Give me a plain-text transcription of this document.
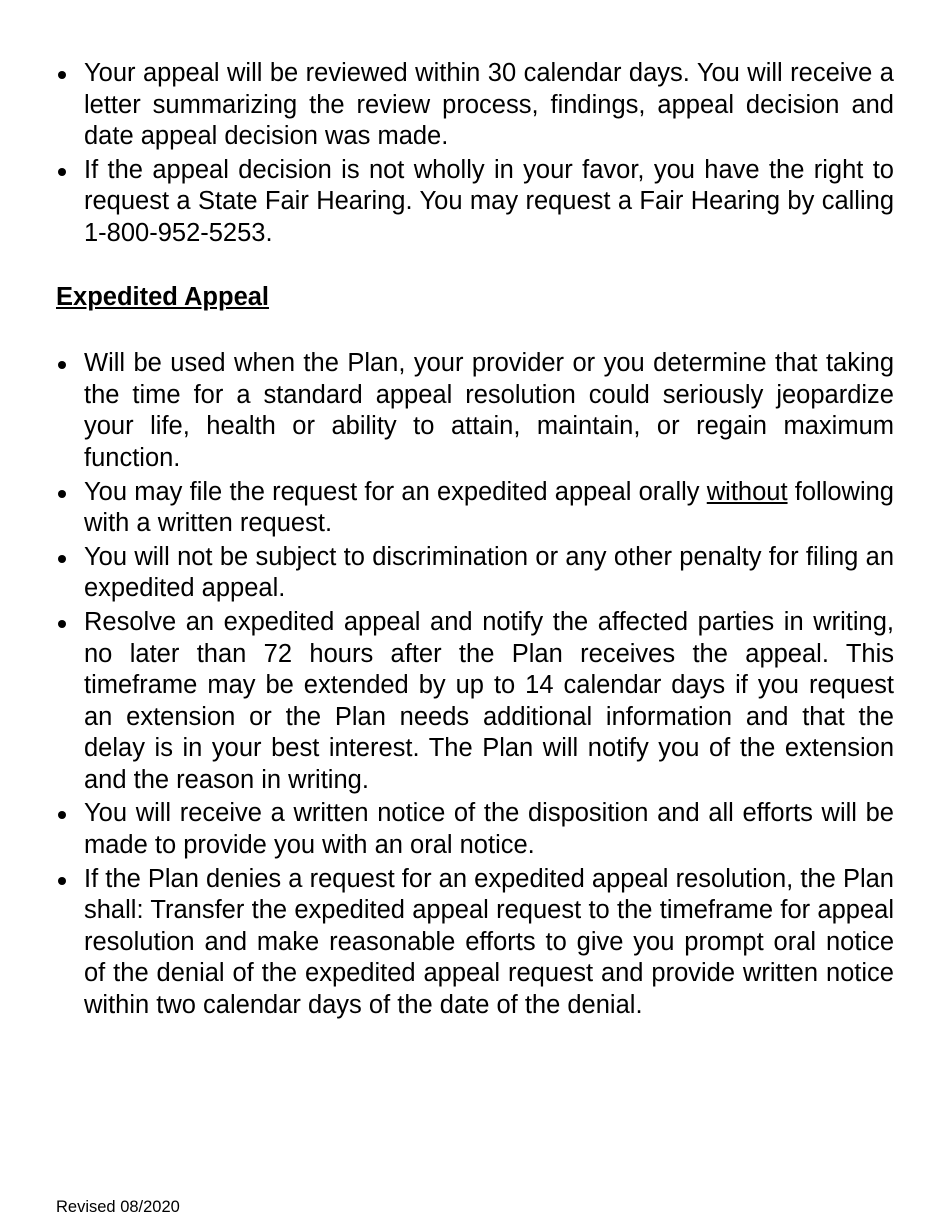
Your appeal will be reviewed within 30 calendar days. You will receive a letter summarizing the review process, findings, appeal decision and date appeal decision was made.
If the appeal decision is not wholly in your favor, you have the right to request a State Fair Hearing. You may request a Fair Hearing by calling 1-800-952-5253.
Expedited Appeal
Will be used when the Plan, your provider or you determine that taking the time for a standard appeal resolution could seriously jeopardize your life, health or ability to attain, maintain, or regain maximum function.
You may file the request for an expedited appeal orally without following with a written request.
You will not be subject to discrimination or any other penalty for filing an expedited appeal.
Resolve an expedited appeal and notify the affected parties in writing, no later than 72 hours after the Plan receives the appeal. This timeframe may be extended by up to 14 calendar days if you request an extension or the Plan needs additional information and that the delay is in your best interest. The Plan will notify you of the extension and the reason in writing.
You will receive a written notice of the disposition and all efforts will be made to provide you with an oral notice.
If the Plan denies a request for an expedited appeal resolution, the Plan shall: Transfer the expedited appeal request to the timeframe for appeal resolution and make reasonable efforts to give you prompt oral notice of the denial of the expedited appeal request and provide written notice within two calendar days of the date of the denial.
Revised 08/2020
